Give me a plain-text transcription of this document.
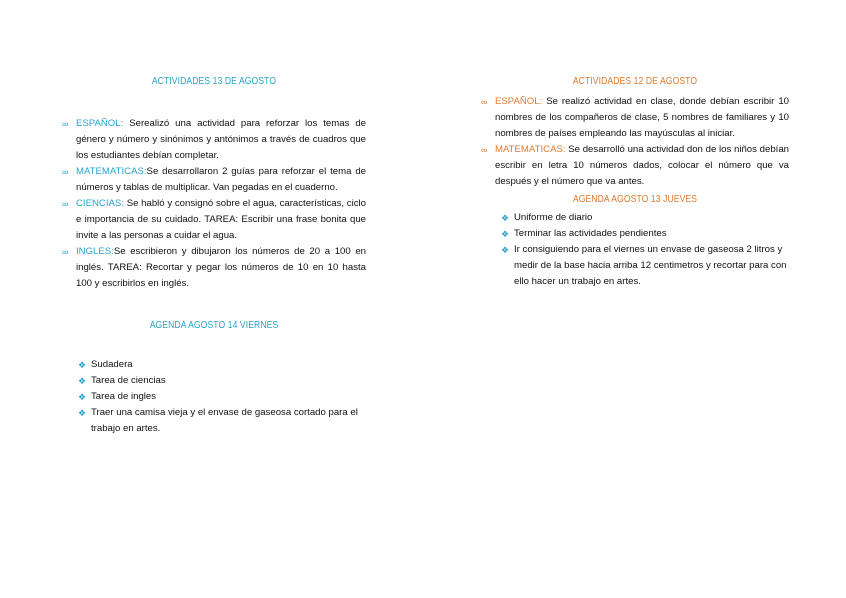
ACTIVIDADES 13 DE AGOSTO
∞ ESPAÑOL: Serealizó una actividad para reforzar los temas de género y número y sinónimos y antónimos a través de cuadros que los estudiantes debían completar.
∞ MATEMATICAS:Se desarrollaron 2 guías para reforzar el tema de números y tablas de multiplicar. Van pegadas en el cuaderno.
∞ CIENCIAS: Se habló y consignó sobre el agua, características, ciclo e importancia de su cuidado. TAREA: Escribir una frase bonita que invite a las personas a cuidar el agua.
∞ INGLES:Se escribieron y dibujaron los números de 20 a 100 en inglés. TAREA: Recortar y pegar los números de 10 en 10 hasta 100 y escribirlos en inglés.
AGENDA AGOSTO 14 VIERNES
❖ Sudadera
❖ Tarea de ciencias
❖ Tarea de ingles
❖ Traer una camisa vieja y el envase de gaseosa cortado para el trabajo en artes.
ACTIVIDADES 12 DE AGOSTO
∞ ESPAÑOL: Se realizó actividad en clase, donde debían escribir 10 nombres de los compañeros de clase, 5 nombres de familiares y 10 nombres de países empleando las mayúsculas al iniciar.
∞ MATEMATICAS: Se desarrolló una actividad don de los niños debían escribir en letra 10 números dados, colocar el número que va después y el número que va antes.
AGENDA AGOSTO 13 JUEVES
❖ Uniforme de diario
❖ Terminar las actividades pendientes
❖ Ir consiguiendo para el viernes un envase de gaseosa 2 litros y medir de la base hacia arriba 12 centimetros y recortar para con ello hacer un trabajo en artes.
